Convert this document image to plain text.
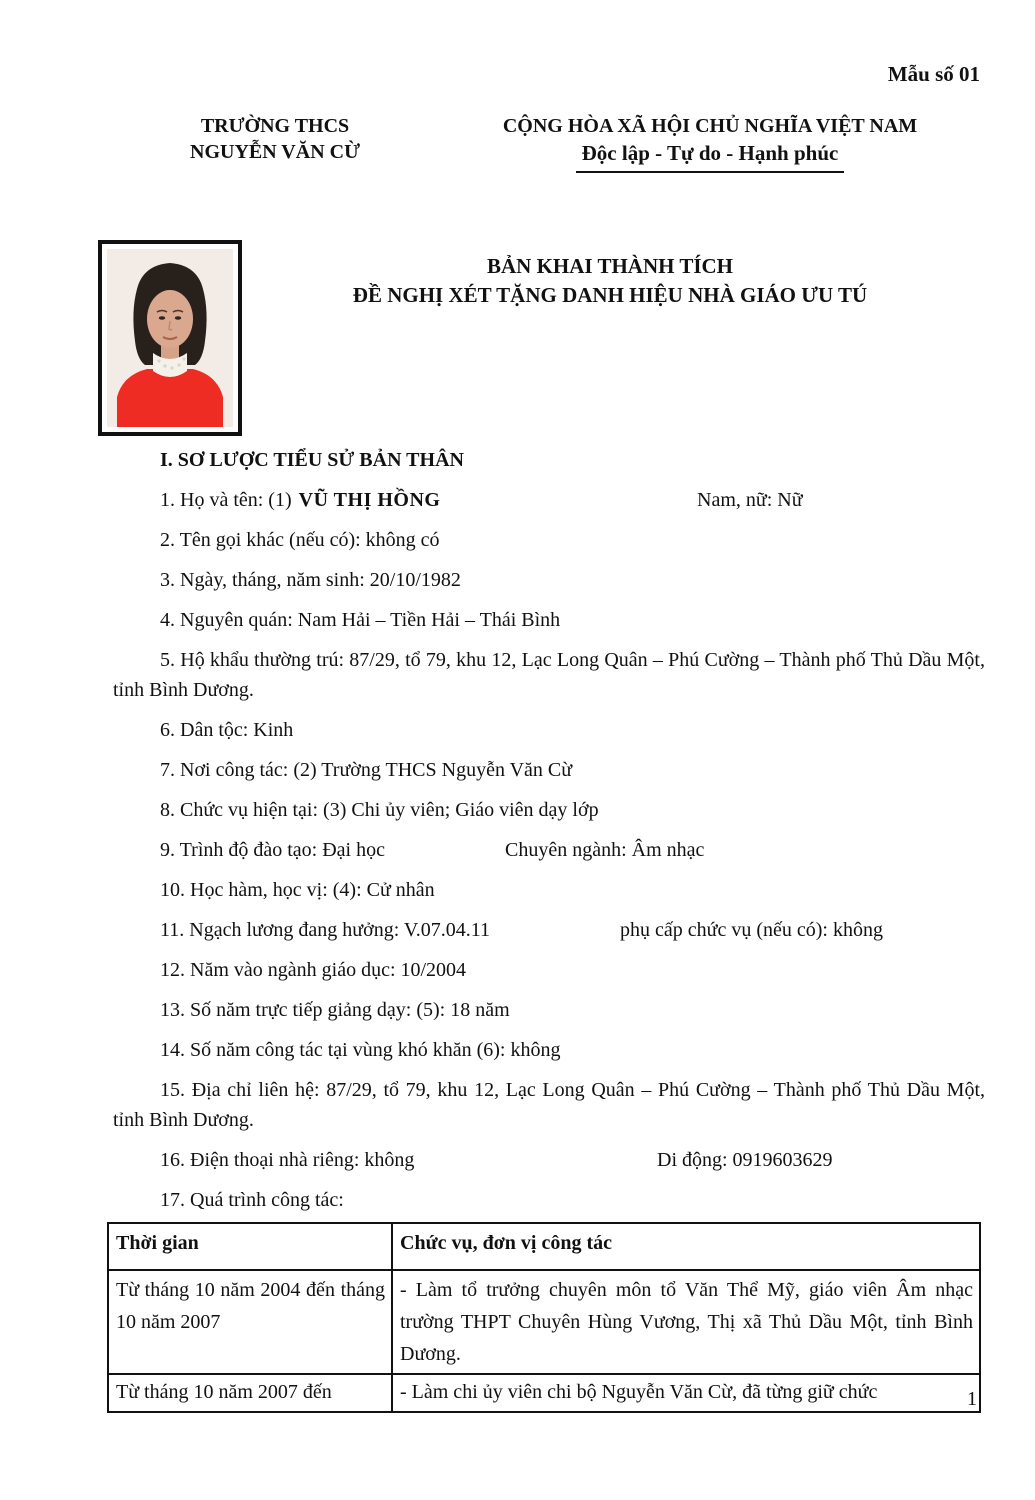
Mẫu số 01
TRƯỜNG THCS
NGUYỄN VĂN CỪ
CỘNG HÒA XÃ HỘI CHỦ NGHĨA VIỆT NAM
Độc lập - Tự do - Hạnh phúc
BẢN KHAI THÀNH TÍCH
ĐỀ NGHỊ XÉT TẶNG DANH HIỆU NHÀ GIÁO ƯU TÚ
I. SƠ LƯỢC TIỂU SỬ BẢN THÂN

1. Họ và tên: (1) VŨ THỊ HỒNG	Nam, nữ: Nữ

2. Tên gọi khác (nếu có): không có

3. Ngày, tháng, năm sinh: 20/10/1982

4. Nguyên quán: Nam Hải – Tiền Hải – Thái Bình

5. Hộ khẩu thường trú: 87/29, tổ 79, khu 12, Lạc Long Quân – Phú Cường – Thành phố Thủ Dầu Một, tỉnh Bình Dương.

6. Dân tộc: Kinh

7. Nơi công tác: (2) Trường THCS Nguyễn Văn Cừ

8. Chức vụ hiện tại: (3) Chi ủy viên; Giáo viên dạy lớp

9. Trình độ đào tạo: Đại học	Chuyên ngành: Âm nhạc

10. Học hàm, học vị: (4): Cử nhân

11. Ngạch lương đang hưởng: V.07.04.11	phụ cấp chức vụ (nếu có): không

12. Năm vào ngành giáo dục: 10/2004

13. Số năm trực tiếp giảng dạy: (5): 18 năm

14. Số năm công tác tại vùng khó khăn (6): không

15. Địa chỉ liên hệ: 87/29, tổ 79, khu 12, Lạc Long Quân – Phú Cường – Thành phố Thủ Dầu Một, tỉnh Bình Dương.

16. Điện thoại nhà riêng: không	Di động: 0919603629

17. Quá trình công tác:

Thời gian	Chức vụ, đơn vị công tác
Từ tháng 10 năm 2004 đến tháng 10 năm 2007	- Làm tổ trưởng chuyên môn tổ Văn Thể Mỹ, giáo viên Âm nhạc trường THPT Chuyên Hùng Vương, Thị xã Thủ Dầu Một, tỉnh Bình Dương.
Từ tháng 10 năm 2007 đến	- Làm chi ủy viên chi bộ Nguyễn Văn Cừ, đã từng giữ chức	1
